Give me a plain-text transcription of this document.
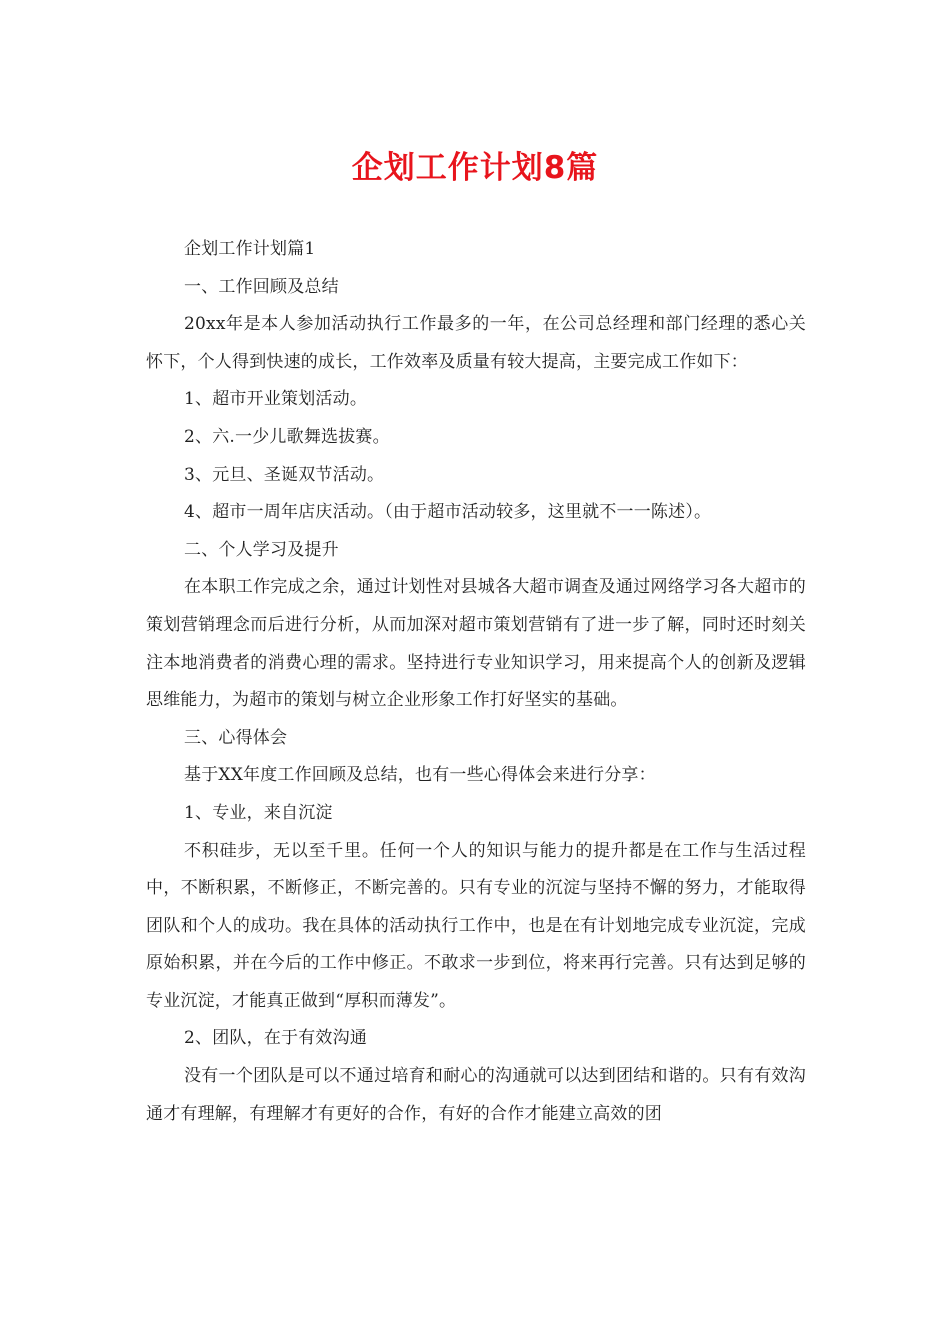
企划工作计划8篇

企划工作计划篇1

一、工作回顾及总结

20xx年是本人参加活动执行工作最多的一年，在公司总经理和部门经理的悉心关怀下，个人得到快速的成长，工作效率及质量有较大提高，主要完成工作如下：

1、超市开业策划活动。

2、六.一少儿歌舞选拔赛。

3、元旦、圣诞双节活动。

4、超市一周年店庆活动。（由于超市活动较多，这里就不一一陈述）。

二、个人学习及提升

在本职工作完成之余，通过计划性对县城各大超市调查及通过网络学习各大超市的策划营销理念而后进行分析，从而加深对超市策划营销有了进一步了解，同时还时刻关注本地消费者的消费心理的需求。坚持进行专业知识学习，用来提高个人的创新及逻辑思维能力，为超市的策划与树立企业形象工作打好坚实的基础。

三、心得体会

基于XX年度工作回顾及总结，也有一些心得体会来进行分享：

1、专业，来自沉淀

不积硅步，无以至千里。任何一个人的知识与能力的提升都是在工作与生活过程中，不断积累，不断修正，不断完善的。只有专业的沉淀与坚持不懈的努力，才能取得团队和个人的成功。我在具体的活动执行工作中，也是在有计划地完成专业沉淀，完成原始积累，并在今后的工作中修正。不敢求一步到位，将来再行完善。只有达到足够的专业沉淀，才能真正做到“厚积而薄发”。

2、团队，在于有效沟通

没有一个团队是可以不通过培育和耐心的沟通就可以达到团结和谐的。只有有效沟通才有理解，有理解才有更好的合作，有好的合作才能建立高效的团
